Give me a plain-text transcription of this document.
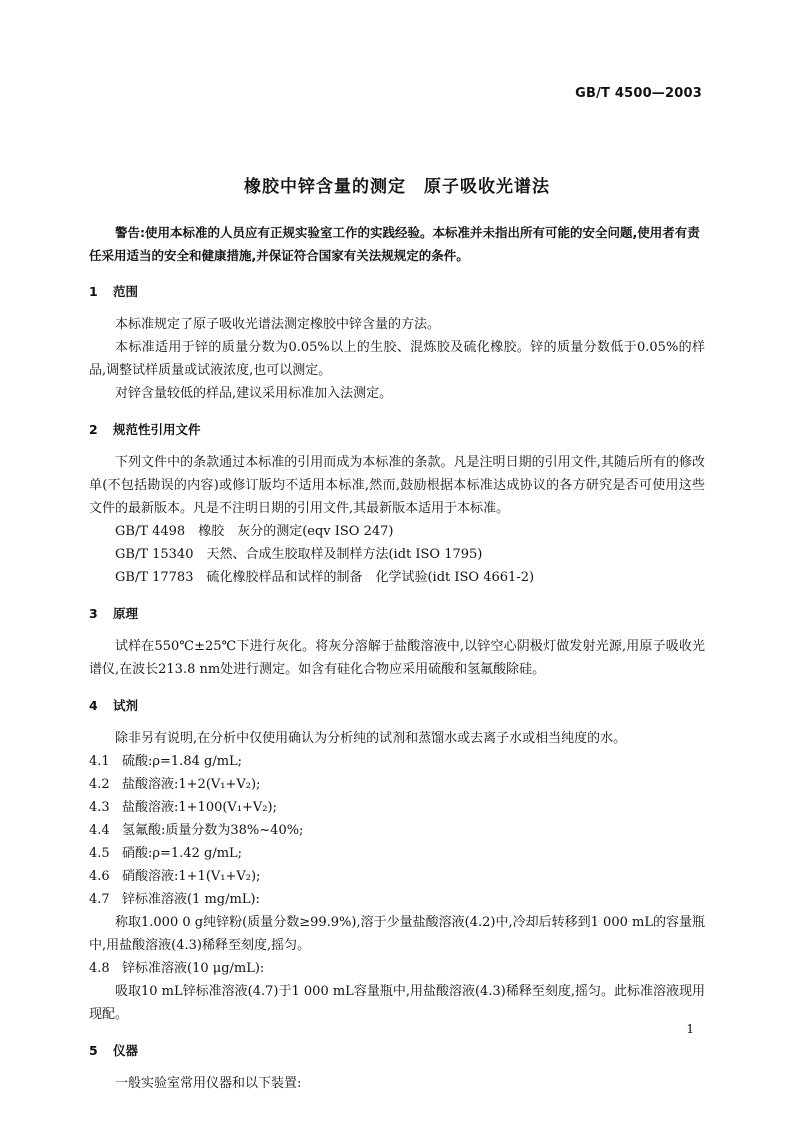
GB/T 4500—2003
橡胶中锌含量的测定　原子吸收光谱法

警告:使用本标准的人员应有正规实验室工作的实践经验。本标准并未指出所有可能的安全问题,使用者有责任采用适当的安全和健康措施,并保证符合国家有关法规规定的条件。

1 范围

本标准规定了原子吸收光谱法测定橡胶中锌含量的方法。

本标准适用于锌的质量分数为0.05%以上的生胶、混炼胶及硫化橡胶。锌的质量分数低于0.05%的样品,调整试样质量或试液浓度,也可以测定。

对锌含量较低的样品,建议采用标准加入法测定。

2 规范性引用文件

下列文件中的条款通过本标准的引用而成为本标准的条款。凡是注明日期的引用文件,其随后所有的修改单(不包括勘误的内容)或修订版均不适用本标准,然而,鼓励根据本标准达成协议的各方研究是否可使用这些文件的最新版本。凡是不注明日期的引用文件,其最新版本适用于本标准。

GB/T 4498　橡胶　灰分的测定(eqv ISO 247)

GB/T 15340　天然、合成生胶取样及制样方法(idt ISO 1795)

GB/T 17783　硫化橡胶样品和试样的制备　化学试验(idt ISO 4661-2)

3 原理

试样在550℃±25℃下进行灰化。将灰分溶解于盐酸溶液中,以锌空心阴极灯做发射光源,用原子吸收光谱仪,在波长213.8 nm处进行测定。如含有硅化合物应采用硫酸和氢氟酸除硅。

4 试剂

除非另有说明,在分析中仅使用确认为分析纯的试剂和蒸馏水或去离子水或相当纯度的水。

4.1 硫酸:ρ=1.84 g/mL;

4.2 盐酸溶液:1+2(V₁+V₂);

4.3 盐酸溶液:1+100(V₁+V₂);

4.4 氢氟酸:质量分数为38%~40%;

4.5 硝酸:ρ=1.42 g/mL;

4.6 硝酸溶液:1+1(V₁+V₂);

4.7 锌标准溶液(1 mg/mL):

称取1.000 0 g纯锌粉(质量分数≥99.9%),溶于少量盐酸溶液(4.2)中,冷却后转移到1 000 mL的容量瓶中,用盐酸溶液(4.3)稀释至刻度,摇匀。

4.8 锌标准溶液(10 μg/mL):

吸取10 mL锌标准溶液(4.7)于1 000 mL容量瓶中,用盐酸溶液(4.3)稀释至刻度,摇匀。此标准溶液现用现配。

5 仪器

一般实验室常用仪器和以下装置:

1
